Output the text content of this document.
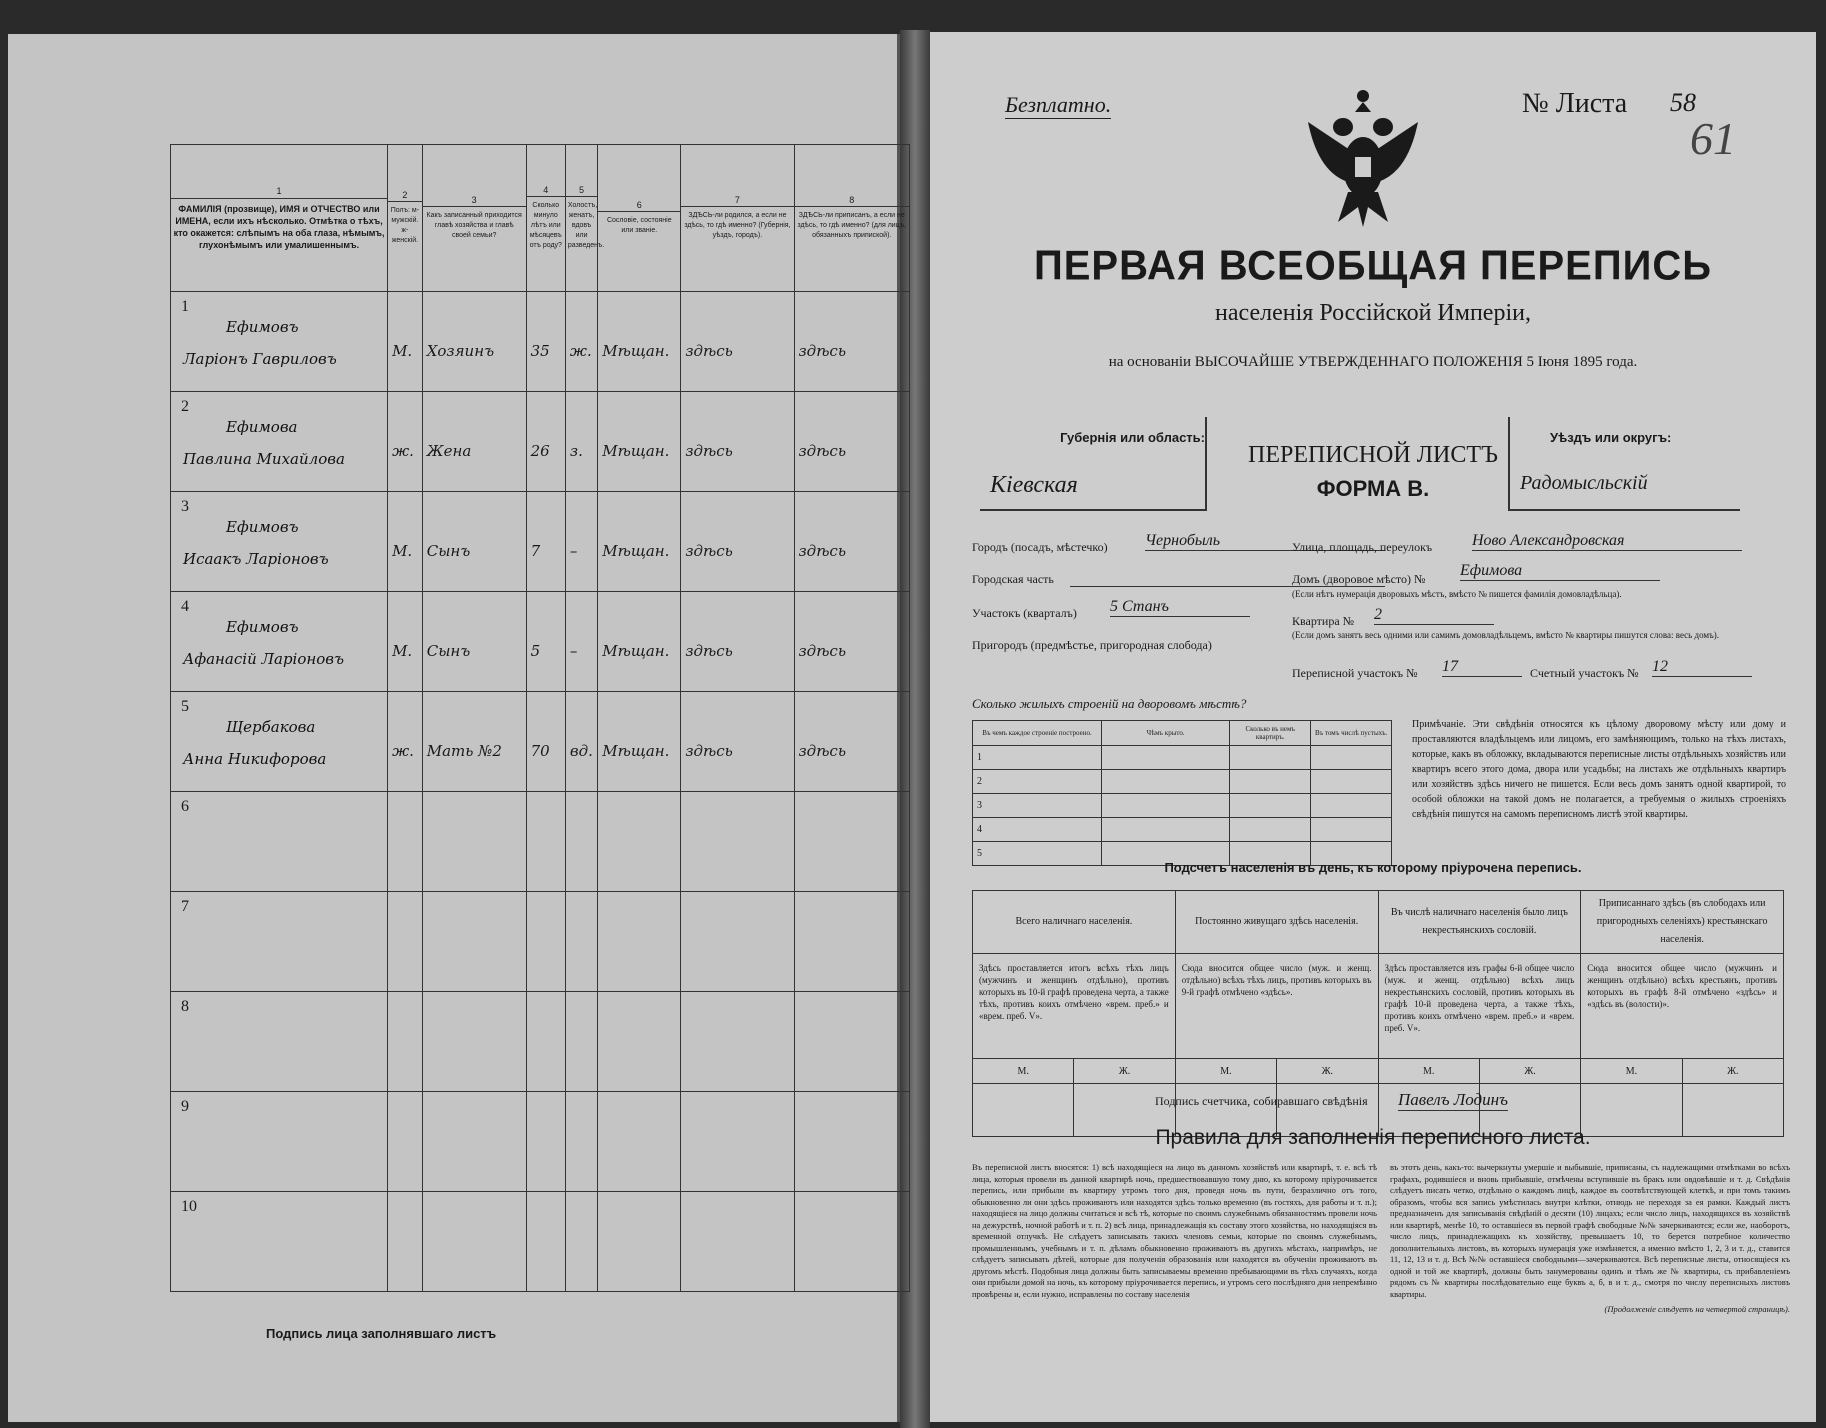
1
ФАМИЛІЯ (прозвище), ИМЯ и ОТЧЕСТВО или ИМЕНА, если ихъ нѣсколько. Отмѣтка о тѣхъ, кто окажется: слѣпымъ на оба глаза, нѣмымъ, глухонѣмымъ или умалишеннымъ.	2
Полъ: м-мужскій. ж-женскій.	3
Какъ записанный приходится главѣ хозяйства и главѣ своей семьи?	4
Сколько минуло лѣтъ или мѣсяцевъ отъ роду?	5
Холостъ, женатъ, вдовъ или разведенъ.	6
Сословіе, состояніе или званіе.	7
ЗДѢСЬ-ли родился, а если не здѣсь, то гдѣ именно? (Губернія, уѣздъ, городъ).	8
ЗДѢСЬ-ли приписанъ, а если не здѣсь, то гдѣ именно? (для лицъ, обязанныхъ припиской).

1
Ефимовъ
Ларіонъ Гавриловъ	М.	Хозяинъ	35	ж.	Мѣщан.	здѣсь	здѣсь

2
Ефимова
Павлина Михайлова	ж.	Жена	26	з.	Мѣщан.	здѣсь	здѣсь

3
Ефимовъ
Исаакъ Ларіоновъ	М.	Сынъ	7	–	Мѣщан.	здѣсь	здѣсь

4
Ефимовъ
Афанасій Ларіоновъ	М.	Сынъ	5	–	Мѣщан.	здѣсь	здѣсь

5
Щербакова
Анна Никифорова	ж.	Мать №2	70	вд.	Мѣщан.	здѣсь	здѣсь

6							

7							

8							

9							

10							

Подпись лица заполнявшаго листъ
Безплатно.	№ Листа 58
61
ПЕРВАЯ ВСЕОБЩАЯ ПЕРЕПИСЬ
населенія Россійской Имперіи,
на основаніи ВЫСОЧАЙШЕ УТВЕРЖДЕННАГО ПОЛОЖЕНІЯ 5 Іюня 1895 года.
Губернія или область:
Кіевская
ПЕРЕПИСНОЙ ЛИСТЪ
ФОРМА В.
Уѣздъ или округъ:
Радомысльскій
Городъ (посадъ, мѣстечко) Чернобыль
Городская часть
Участокъ (кварталъ) 5 Станъ
Пригородъ (предмѣстье, пригородная слобода)
Улица, площадь, переулокъ Ново Александровская
Домъ (дворовое мѣсто) № Ефимова
(Если нѣтъ нумерація дворовыхъ мѣстъ, вмѣсто № пишется фамилія домовладѣльца).
Квартира № 2
(Если домъ занятъ весь одними или самимъ домовладѣльцемъ, вмѣсто № квартиры пишутся слова: весь домъ).
Переписной участокъ № 17	Счетный участокъ № 12
Сколько жилыхъ строеній на дворовомъ мѣстѣ?
Въ чемъ каждое строеніе построено.	Чѣмъ крыто.	Сколько въ немъ квартиръ.	Въ томъ числѣ пустыхъ.
1			
2			
3			
4			
5			
Примѣчаніе. Эти свѣдѣнія относятся къ цѣлому дворовому мѣсту или дому и проставляются владѣльцемъ или лицомъ, его замѣняющимъ, только на тѣхъ листахъ, которые, какъ въ обложку, вкладываются переписные листы отдѣльныхъ хозяйствъ или квартиръ всего этого дома, двора или усадьбы; на листахъ же отдѣльныхъ квартиръ или хозяйствъ здѣсь ничего не пишется. Если весь домъ занятъ одной квартирой, то особой обложки на такой домъ не полагается, а требуемыя о жилыхъ строеніяхъ свѣдѣнія пишутся на самомъ переписномъ листѣ этой квартиры.
Подсчетъ населенія въ день, къ которому пріурочена перепись.
Всего наличнаго населенія.		Постоянно живущаго здѣсь населенія.		Въ числѣ наличнаго населенія было лицъ некрестьянскихъ сословій.		Приписаннаго здѣсь (въ слободахъ или пригородныхъ селеніяхъ) крестьянскаго населенія.	
Здѣсь проставляется итогъ всѣхъ тѣхъ лицъ (мужчинъ и женщинъ отдѣльно), противъ которыхъ въ 10-й графѣ проведена черта, а также тѣхъ, противъ коихъ отмѣчено «врем. преб.» и «врем. преб. V».		Сюда вносится общее число (муж. и женщ. отдѣльно) всѣхъ тѣхъ лицъ, противъ которыхъ въ 9-й графѣ отмѣчено «здѣсь».		Здѣсь проставляется изъ графы 6-й общее число (муж. и женщ. отдѣльно) всѣхъ лицъ некрестьянскихъ сословій, противъ которыхъ въ графѣ 10-й проведена черта, а также тѣхъ, противъ коихъ отмѣчено «врем. преб.» и «врем. преб. V».		Сюда вносится общее число (мужчинъ и женщинъ отдѣльно) всѣхъ крестьянъ, противъ которыхъ въ графѣ 8-й отмѣчено «здѣсь» и «здѣсь въ (волости)».	
М.	Ж.	М.	Ж.	М.	Ж.	М.	Ж.

Подпись счетчика, собиравшаго свѣдѣнія Павелъ Лодинъ
Правила для заполненія переписного листа.
Въ переписной листъ вносятся: 1) всѣ находящіеся на лицо въ данномъ хозяйствѣ или квартирѣ, т. е. всѣ тѣ лица, которыя провели въ данной квартирѣ ночь, предшествовавшую тому дню, къ которому пріурочивается перепись, или прибыли въ квартиру утромъ того дня, проведя ночь въ пути, безразлично отъ того, обыкновенно ли они здѣсь проживаютъ или находятся здѣсь только временно (въ гостяхъ, для работы и т. п.); находящіеся на лицо должны считаться и всѣ тѣ, которые по своимъ служебнымъ обязанностямъ провели ночь на дежурствѣ, ночной работѣ и т. п. 2) всѣ лица, принадлежащія къ составу этого хозяйства, но находящіяся въ временной отлучкѣ. Не слѣдуетъ записывать такихъ членовъ семьи, которые по своимъ служебнымъ, промышленнымъ, учебнымъ и т. п. дѣламъ обыкновенно проживаютъ въ другихъ мѣстахъ, напримѣръ, не слѣдуетъ записывать дѣтей, которые для полученія образованія или находятся въ обученіи проживаютъ въ другомъ мѣстѣ. Подобныя лица должны быть записываемы временно пребывающими въ тѣхъ случаяхъ, когда они прибыли домой на ночь, къ которому пріурочивается перепись, и утромъ сего послѣдняго дня непремѣнно провѣрены и, если нужно, исправлены по составу населенія
въ этотъ день, какъ-то: вычеркнуты умершіе и выбывшіе, приписаны, съ надлежащими отмѣтками во всѣхъ графахъ, родившіеся и вновь прибывшіе, отмѣчены вступившіе въ бракъ или овдовѣвшіе и т. д. Свѣдѣнія слѣдуетъ писать четко, отдѣльно о каждомъ лицѣ, каждое въ соотвѣтствующей клеткѣ, и при томъ такимъ образомъ, чтобы вся запись умѣстилась внутри клѣтки, отнюдь не переходя за ея рамки. Каждый листъ предназначенъ для записыванія свѣдѣній о десяти (10) лицахъ; если число лицъ, находящихся въ хозяйствѣ или квартирѣ, менѣе 10, то оставшіеся въ первой графѣ свободные №№ зачеркиваются; если же, наоборотъ, число лицъ, принадлежащихъ къ хозяйству, превышаетъ 10, то берется потребное количество дополнительныхъ листовъ, въ которыхъ нумерація уже измѣняется, а именно вмѣсто 1, 2, 3 и т. д., ставится 11, 12, 13 и т. д. Всѣ №№ оставшіеся свободными—зачеркиваются. Всѣ переписные листы, относящіеся къ одной и той же квартирѣ, должны быть занумерованы одинъ и тѣмъ же № квартиры, съ прибавленіемъ рядомъ съ № квартиры послѣдовательно еще буквъ а, б, в и т. д., смотря по числу переписныхъ листовъ квартиры.
(Продолженіе слѣдуетъ на четвертой страницѣ).
